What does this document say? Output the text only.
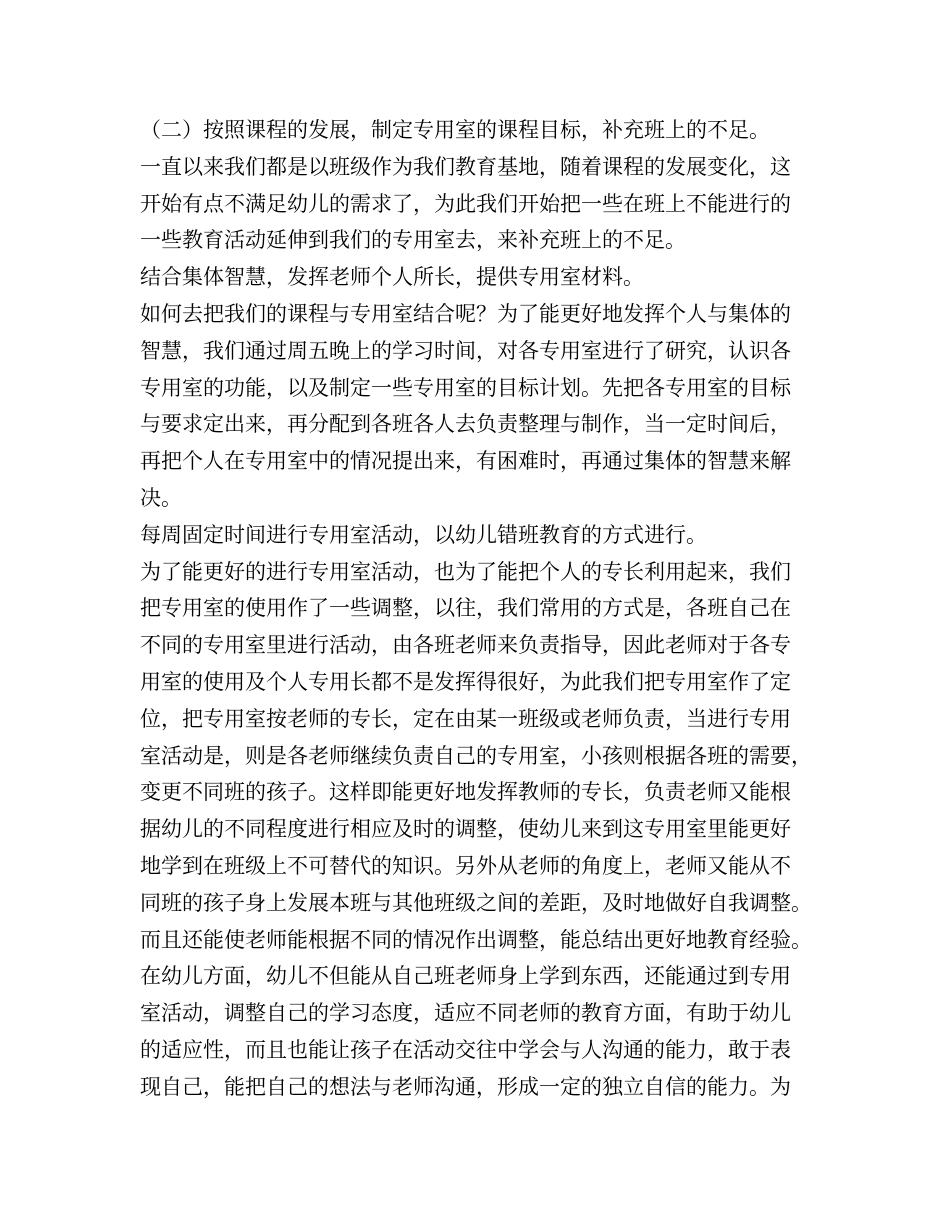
（二）按照课程的发展，制定专用室的课程目标，补充班上的不足。
一直以来我们都是以班级作为我们教育基地，随着课程的发展变化，这
开始有点不满足幼儿的需求了，为此我们开始把一些在班上不能进行的
一些教育活动延伸到我们的专用室去，来补充班上的不足。
结合集体智慧，发挥老师个人所长，提供专用室材料。
如何去把我们的课程与专用室结合呢？为了能更好地发挥个人与集体的
智慧，我们通过周五晚上的学习时间，对各专用室进行了研究，认识各
专用室的功能，以及制定一些专用室的目标计划。先把各专用室的目标
与要求定出来，再分配到各班各人去负责整理与制作，当一定时间后，
再把个人在专用室中的情况提出来，有困难时，再通过集体的智慧来解
决。
每周固定时间进行专用室活动，以幼儿错班教育的方式进行。
为了能更好的进行专用室活动，也为了能把个人的专长利用起来，我们
把专用室的使用作了一些调整，以往，我们常用的方式是，各班自己在
不同的专用室里进行活动，由各班老师来负责指导，因此老师对于各专
用室的使用及个人专用长都不是发挥得很好，为此我们把专用室作了定
位，把专用室按老师的专长，定在由某一班级或老师负责，当进行专用
室活动是，则是各老师继续负责自己的专用室，小孩则根据各班的需要，
变更不同班的孩子。这样即能更好地发挥教师的专长，负责老师又能根
据幼儿的不同程度进行相应及时的调整，使幼儿来到这专用室里能更好
地学到在班级上不可替代的知识。另外从老师的角度上，老师又能从不
同班的孩子身上发展本班与其他班级之间的差距，及时地做好自我调整。
而且还能使老师能根据不同的情况作出调整，能总结出更好地教育经验。
在幼儿方面，幼儿不但能从自己班老师身上学到东西，还能通过到专用
室活动，调整自己的学习态度，适应不同老师的教育方面，有助于幼儿
的适应性，而且也能让孩子在活动交往中学会与人沟通的能力，敢于表
现自己，能把自己的想法与老师沟通，形成一定的独立自信的能力。为
